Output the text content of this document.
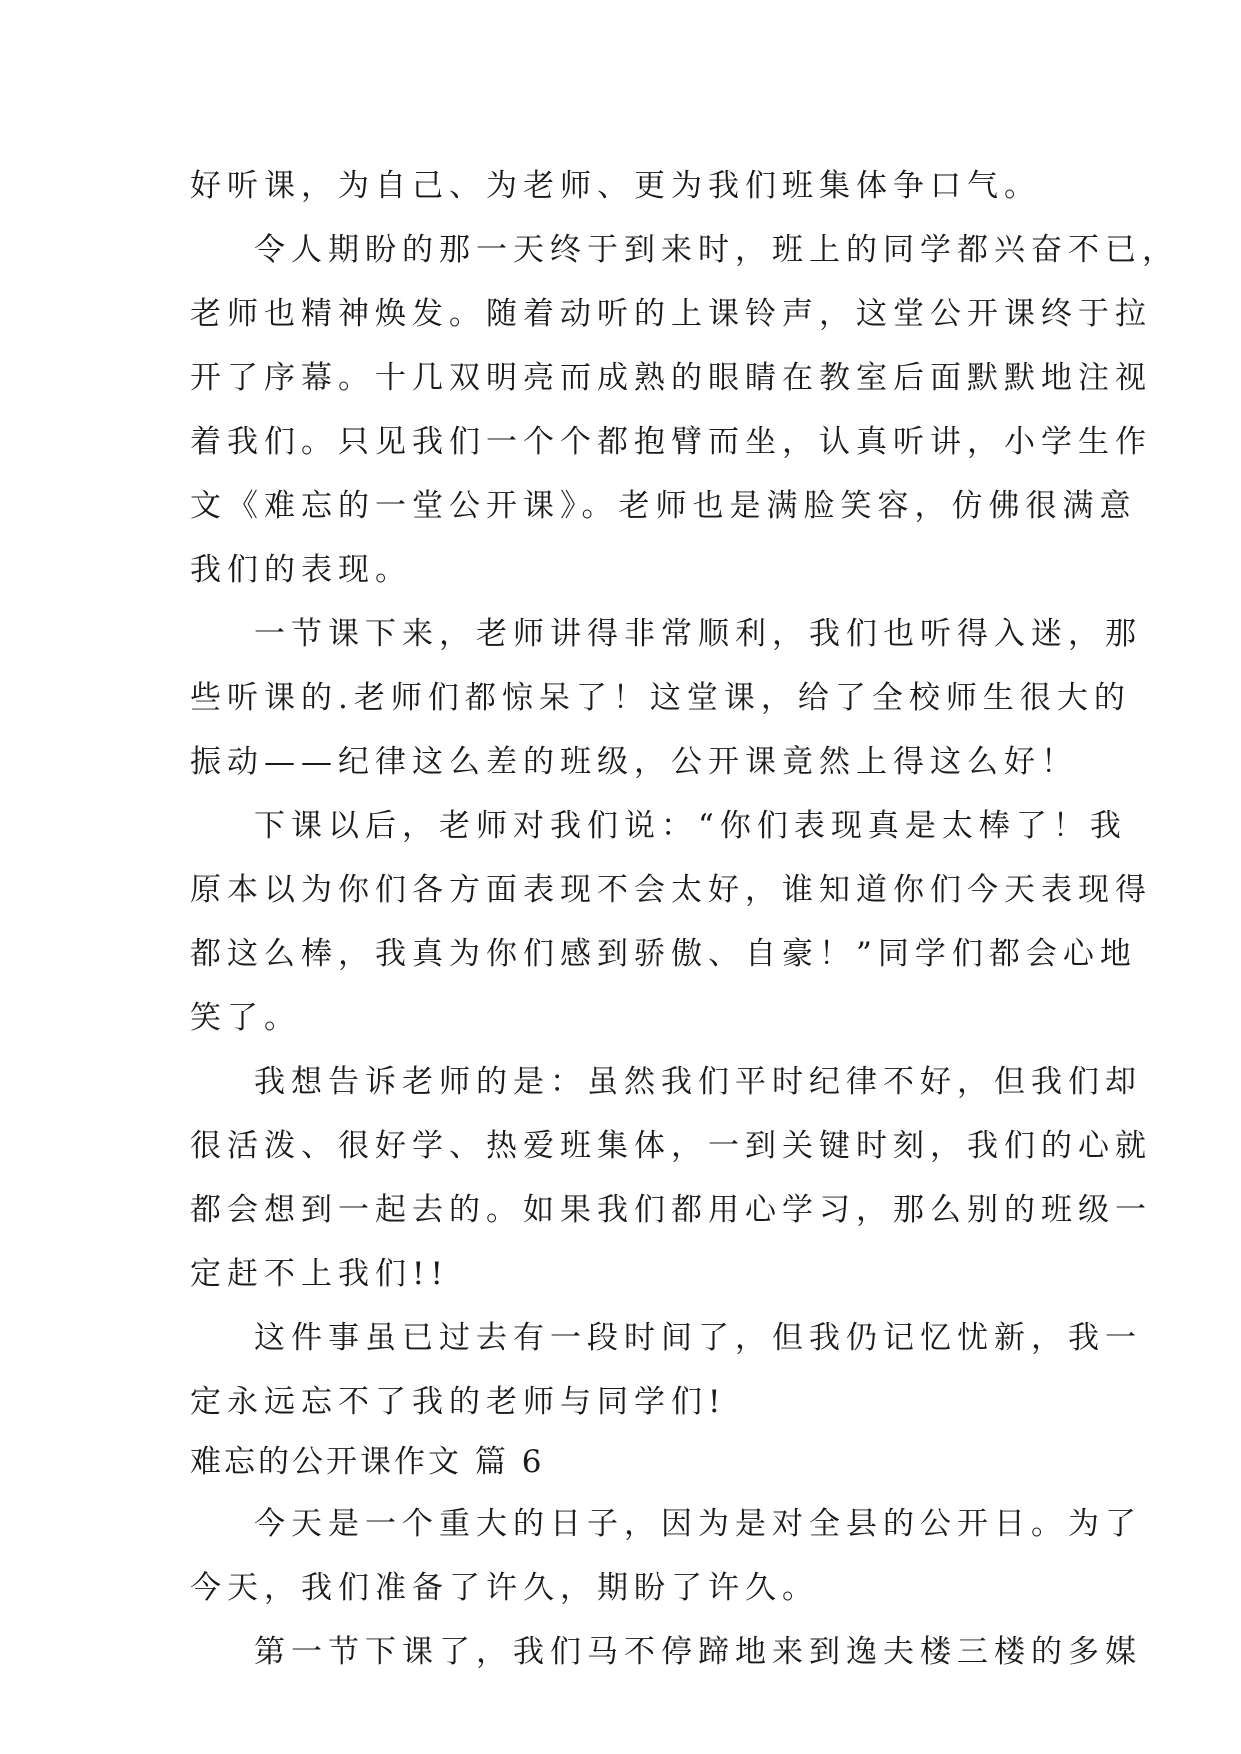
好听课，为自己、为老师、更为我们班集体争口气。
令人期盼的那一天终于到来时，班上的同学都兴奋不已，
老师也精神焕发。随着动听的上课铃声，这堂公开课终于拉
开了序幕。十几双明亮而成熟的眼睛在教室后面默默地注视
着我们。只见我们一个个都抱臂而坐，认真听讲，小学生作
文《难忘的一堂公开课》。老师也是满脸笑容，仿佛很满意
我们的表现。
一节课下来，老师讲得非常顺利，我们也听得入迷，那
些听课的.老师们都惊呆了！这堂课，给了全校师生很大的
振动——纪律这么差的班级，公开课竟然上得这么好！
下课以后，老师对我们说：“你们表现真是太棒了！我
原本以为你们各方面表现不会太好，谁知道你们今天表现得
都这么棒，我真为你们感到骄傲、自豪！”同学们都会心地
笑了。
我想告诉老师的是：虽然我们平时纪律不好，但我们却
很活泼、很好学、热爱班集体，一到关键时刻，我们的心就
都会想到一起去的。如果我们都用心学习，那么别的班级一
定赶不上我们!!
这件事虽已过去有一段时间了，但我仍记忆忧新，我一
定永远忘不了我的老师与同学们!
难忘的公开课作文 篇 6
今天是一个重大的日子，因为是对全县的公开日。为了
今天，我们准备了许久，期盼了许久。
第一节下课了，我们马不停蹄地来到逸夫楼三楼的多媒
